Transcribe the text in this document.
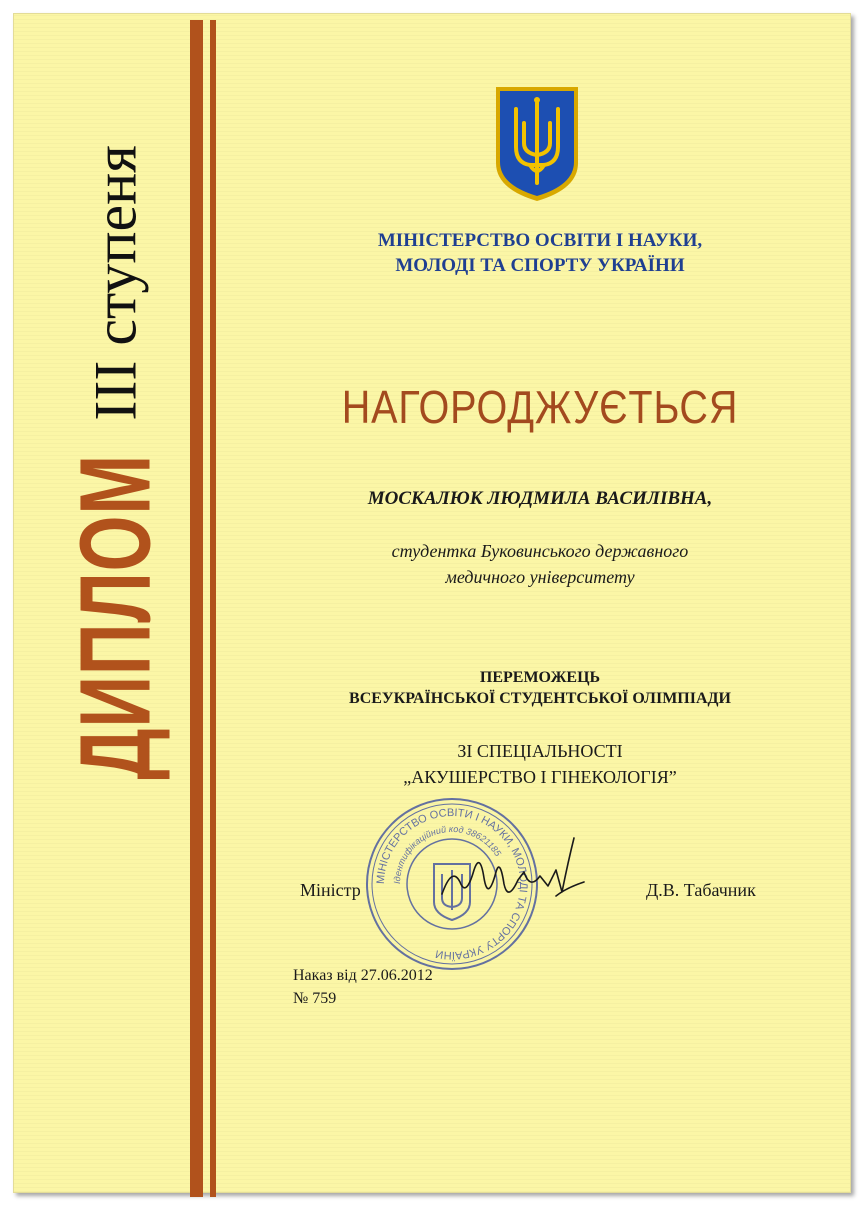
ДИПЛОМ
III ступеня	МІНІСТЕРСТВО ОСВІТИ І НАУКИ,
МОЛОДІ ТА СПОРТУ УКРАЇНИ
НАГОРОДЖУЄТЬСЯ
МОСКАЛЮК ЛЮДМИЛА ВАСИЛІВНА,
студентка Буковинського державного
медичного університету
ПЕРЕМОЖЕЦЬ
ВСЕУКРАЇНСЬКОЇ СТУДЕНТСЬКОЇ ОЛІМПІАДИ
ЗІ СПЕЦІАЛЬНОСТІ
„АКУШЕРСТВО І ГІНЕКОЛОГІЯ”
Міністр	Д.В. Табачник
МІНІСТЕРСТВО ОСВІТИ І НАУКИ, МОЛОДІ ТА СПОРТУ УКРАЇНИ
Ідентифікаційний код 38621185
Наказ від 27.06.2012
№ 759
